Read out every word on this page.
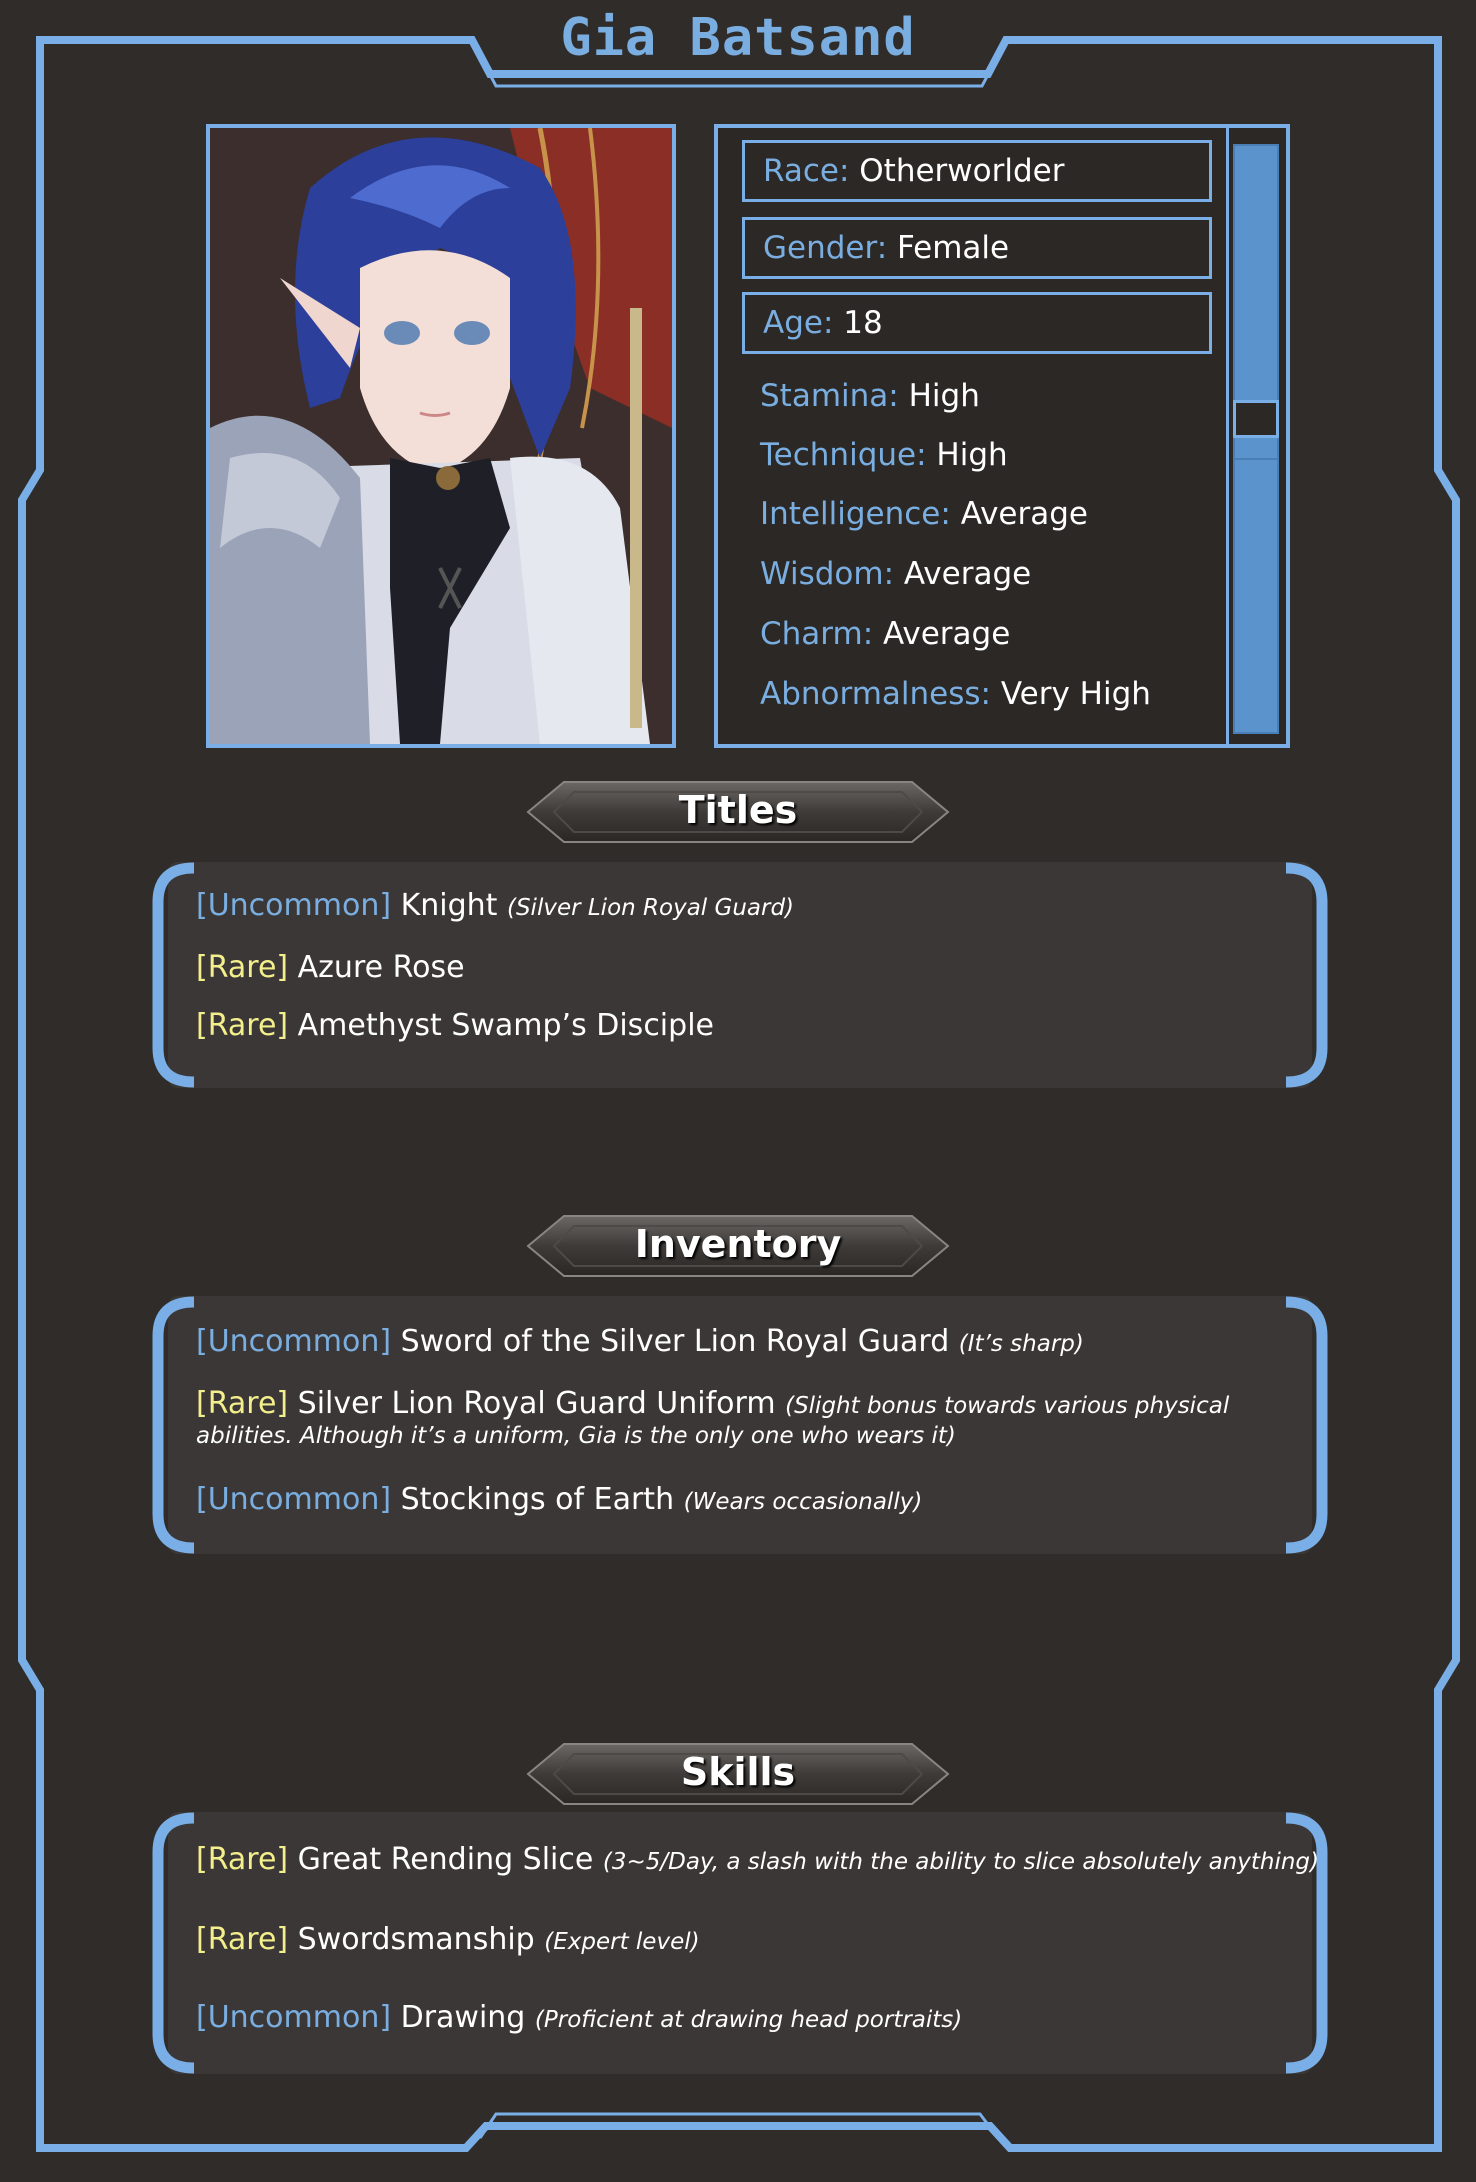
Gia Batsand
Race: Otherworlder
Gender: Female
Age: 18
Stamina: High
Technique: High
Intelligence: Average
Wisdom: Average
Charm: Average
Abnormalness: Very High
Titles
[Uncommon] Knight (Silver Lion Royal Guard)
[Rare] Azure Rose
[Rare] Amethyst Swamp’s Disciple
Inventory
[Uncommon] Sword of the Silver Lion Royal Guard (It’s sharp)
[Rare] Silver Lion Royal Guard Uniform (Slight bonus towards various physical abilities. Although it’s a uniform, Gia is the only one who wears it)
[Uncommon] Stockings of Earth (Wears occasionally)
Skills
[Rare] Great Rending Slice (3~5/Day, a slash with the ability to slice absolutely anything)
[Rare] Swordsmanship (Expert level)
[Uncommon] Drawing (Proficient at drawing head portraits)
